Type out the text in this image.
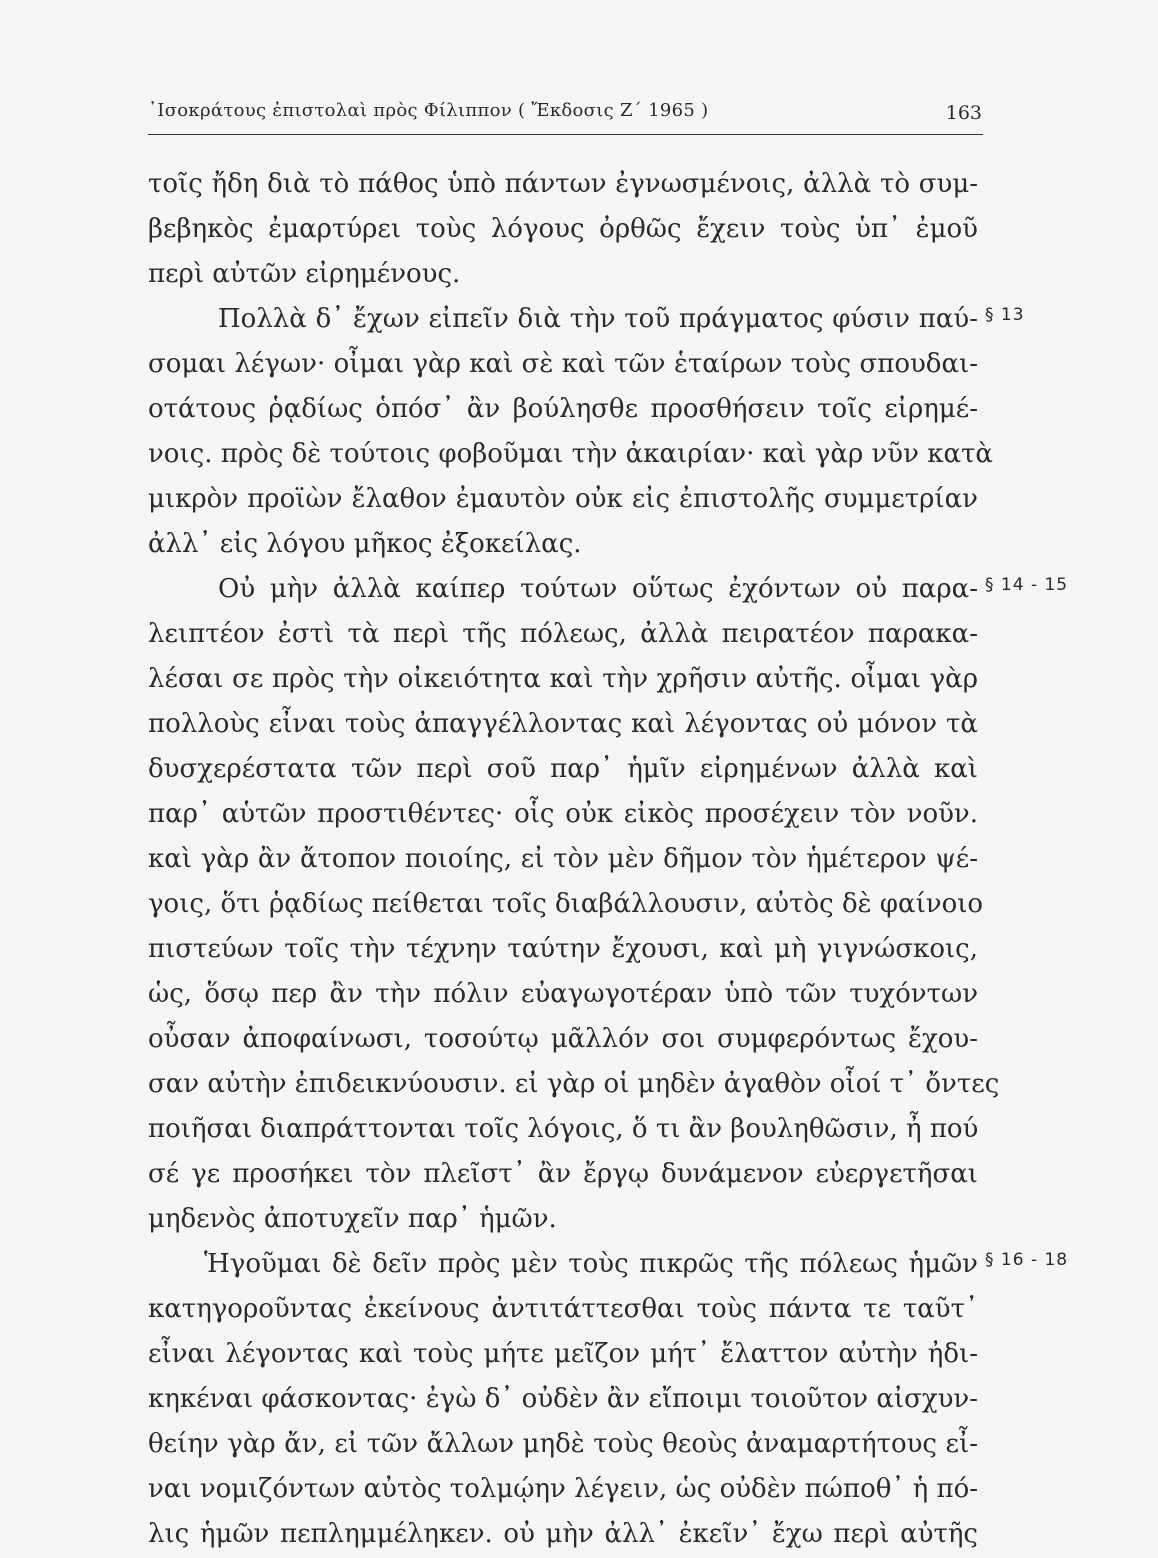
᾿Ισοκράτους ἐπιστολαὶ πρὸς Φίλιππον ( Ἔκδοσις Ζ΄ 1965 )	163
τοῖς ἤδη διὰ τὸ πάθος ὑπὸ πάντων ἐγνωσμένοις, ἀλλὰ τὸ συμ-
βεβηκὸς ἐμαρτύρει τοὺς λόγους ὀρθῶς ἔχειν τοὺς ὑπ᾿ ἐμοῦ
περὶ αὐτῶν εἰρημένους.
Πολλὰ δ᾿ ἔχων εἰπεῖν διὰ τὴν τοῦ πράγματος φύσιν παύ-
σομαι λέγων· οἶμαι γὰρ καὶ σὲ καὶ τῶν ἑταίρων τοὺς σπουδαι-
οτάτους ῥᾳδίως ὁπόσ᾿ ἂν βούλησθε προσθήσειν τοῖς εἰρημέ-
νοις. πρὸς δὲ τούτοις φοβοῦμαι τὴν ἀκαιρίαν· καὶ γὰρ νῦν κατὰ
μικρὸν προϊὼν ἔλαθον ἐμαυτὸν οὐκ εἰς ἐπιστολῆς συμμετρίαν
ἀλλ᾿ εἰς λόγου μῆκος ἐξοκείλας.
Οὐ μὴν ἀλλὰ καίπερ τούτων οὕτως ἐχόντων οὐ παρα-
λειπτέον ἐστὶ τὰ περὶ τῆς πόλεως, ἀλλὰ πειρατέον παρακα-
λέσαι σε πρὸς τὴν οἰκειότητα καὶ τὴν χρῆσιν αὐτῆς. οἶμαι γὰρ
πολλοὺς εἶναι τοὺς ἀπαγγέλλοντας καὶ λέγοντας οὐ μόνον τὰ
δυσχερέστατα τῶν περὶ σοῦ παρ᾿ ἡμῖν εἰρημένων ἀλλὰ καὶ
παρ᾿ αὑτῶν προστιθέντες· οἷς οὐκ εἰκὸς προσέχειν τὸν νοῦν.
καὶ γὰρ ἂν ἄτοπον ποιοίης, εἰ τὸν μὲν δῆμον τὸν ἡμέτερον ψέ-
γοις, ὅτι ῥᾳδίως πείθεται τοῖς διαβάλλουσιν, αὐτὸς δὲ φαίνοιο
πιστεύων τοῖς τὴν τέχνην ταύτην ἔχουσι, καὶ μὴ γιγνώσκοις,
ὡς, ὅσῳ περ ἂν τὴν πόλιν εὐαγωγοτέραν ὑπὸ τῶν τυχόντων
οὖσαν ἀποφαίνωσι, τοσούτῳ μᾶλλόν σοι συμφερόντως ἔχου-
σαν αὐτὴν ἐπιδεικνύουσιν. εἰ γὰρ οἱ μηδὲν ἀγαθὸν οἷοί τ᾿ ὄντες
ποιῆσαι διαπράττονται τοῖς λόγοις, ὅ τι ἂν βουληθῶσιν, ἦ πού
σέ γε προσήκει τὸν πλεῖστ᾿ ἂν ἔργῳ δυνάμενον εὐεργετῆσαι
μηδενὸς ἀποτυχεῖν παρ᾿ ἡμῶν.
Ἡγοῦμαι δὲ δεῖν πρὸς μὲν τοὺς πικρῶς τῆς πόλεως ἡμῶν
κατηγοροῦντας ἐκείνους ἀντιτάττεσθαι τοὺς πάντα τε ταῦτ᾿
εἶναι λέγοντας καὶ τοὺς μήτε μεῖζον μήτ᾿ ἔλαττον αὐτὴν ἠδι-
κηκέναι φάσκοντας· ἐγὼ δ᾿ οὐδὲν ἂν εἴποιμι τοιοῦτον αἰσχυν-
θείην γὰρ ἄν, εἰ τῶν ἄλλων μηδὲ τοὺς θεοὺς ἀναμαρτήτους εἶ-
ναι νομιζόντων αὐτὸς τολμῴην λέγειν, ὡς οὐδὲν πώποθ᾿ ἡ πό-
λις ἡμῶν πεπλημμέληκεν. οὐ μὴν ἀλλ᾿ ἐκεῖν᾿ ἔχω περὶ αὐτῆς
§ 13
§ 14 - 15
§ 16 - 18
